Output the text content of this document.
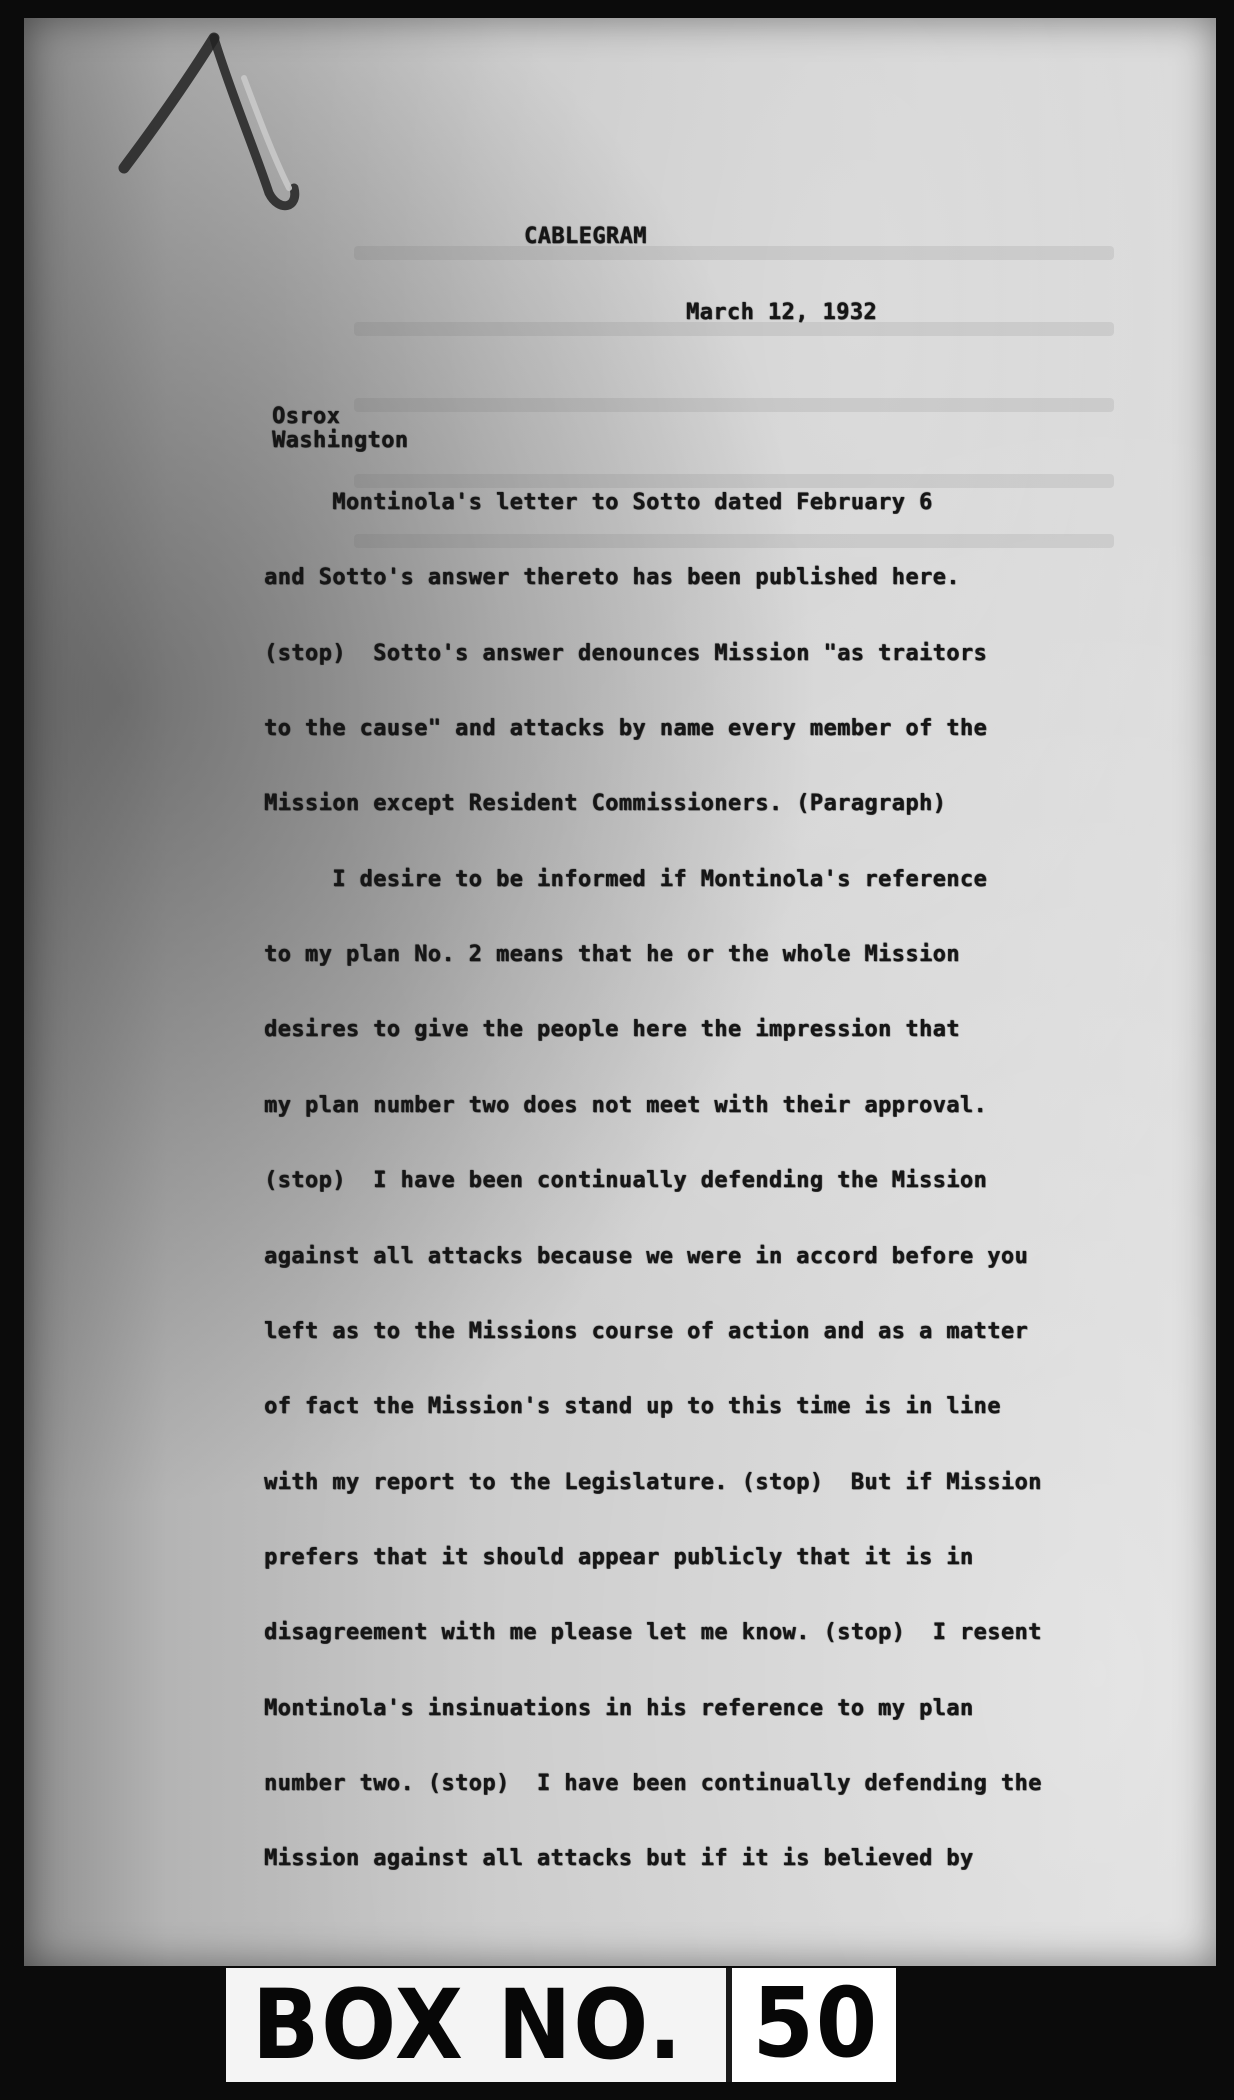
CABLEGRAM
March 12, 1932
Osrox
Washington
Montinola's letter to Sotto dated February 6
and Sotto's answer thereto has been published here.
(stop)  Sotto's answer denounces Mission "as traitors
to the cause" and attacks by name every member of the
Mission except Resident Commissioners. (Paragraph)
I desire to be informed if Montinola's reference
to my plan No. 2 means that he or the whole Mission
desires to give the people here the impression that
my plan number two does not meet with their approval.
(stop)  I have been continually defending the Mission
against all attacks because we were in accord before you
left as to the Missions course of action and as a matter
of fact the Mission's stand up to this time is in line
with my report to the Legislature. (stop)  But if Mission
prefers that it should appear publicly that it is in
disagreement with me please let me know. (stop)  I resent
Montinola's insinuations in his reference to my plan
number two. (stop)  I have been continually defending the
Mission against all attacks but if it is believed by
BOX NO. 50
